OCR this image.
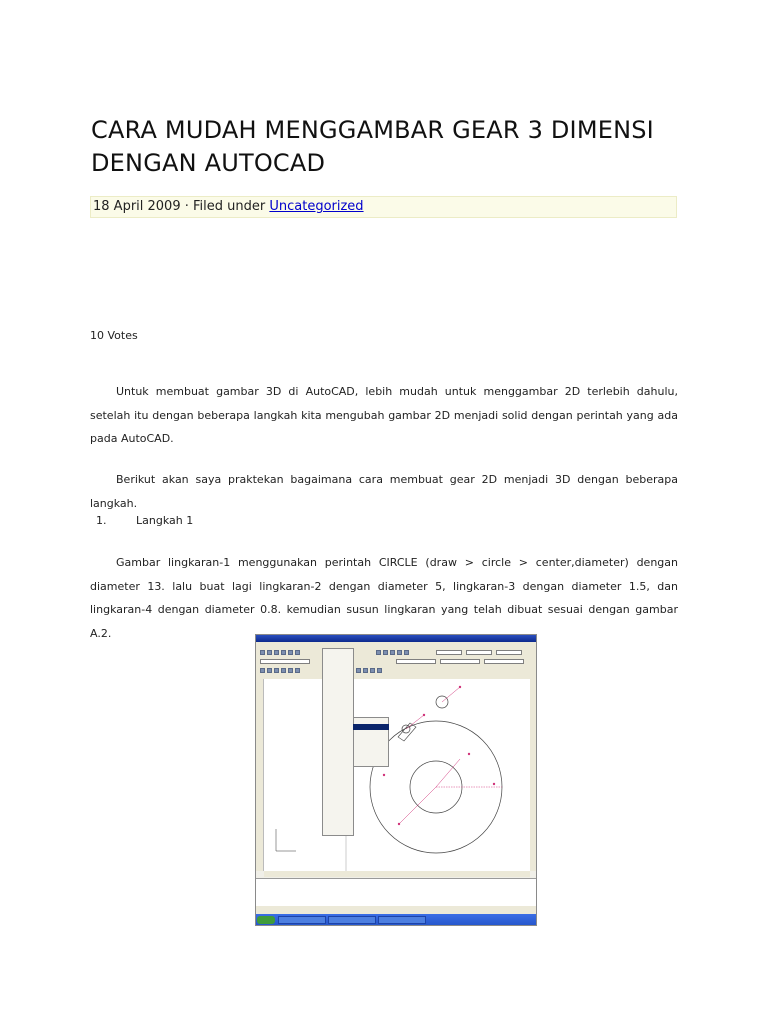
CARA MUDAH MENGGAMBAR GEAR 3 DIMENSI
DENGAN AUTOCAD
18 April 2009 · Filed under Uncategorized
10 Votes

Untuk membuat gambar 3D di AutoCAD, lebih mudah untuk menggambar 2D terlebih dahulu, setelah itu dengan beberapa langkah kita mengubah gambar 2D menjadi solid dengan perintah yang ada pada AutoCAD.

Berikut akan saya praktekan bagaimana cara membuat gear 2D menjadi 3D dengan beberapa langkah.

1.	Langkah 1

Gambar lingkaran-1 menggunakan perintah CIRCLE (draw > circle > center,diameter) dengan diameter 13. lalu buat lagi lingkaran-2 dengan diameter 5, lingkaran-3 dengan diameter 1.5, dan lingkaran-4 dengan diameter 0.8. kemudian susun lingkaran yang telah dibuat sesuai dengan gambar A.2.
